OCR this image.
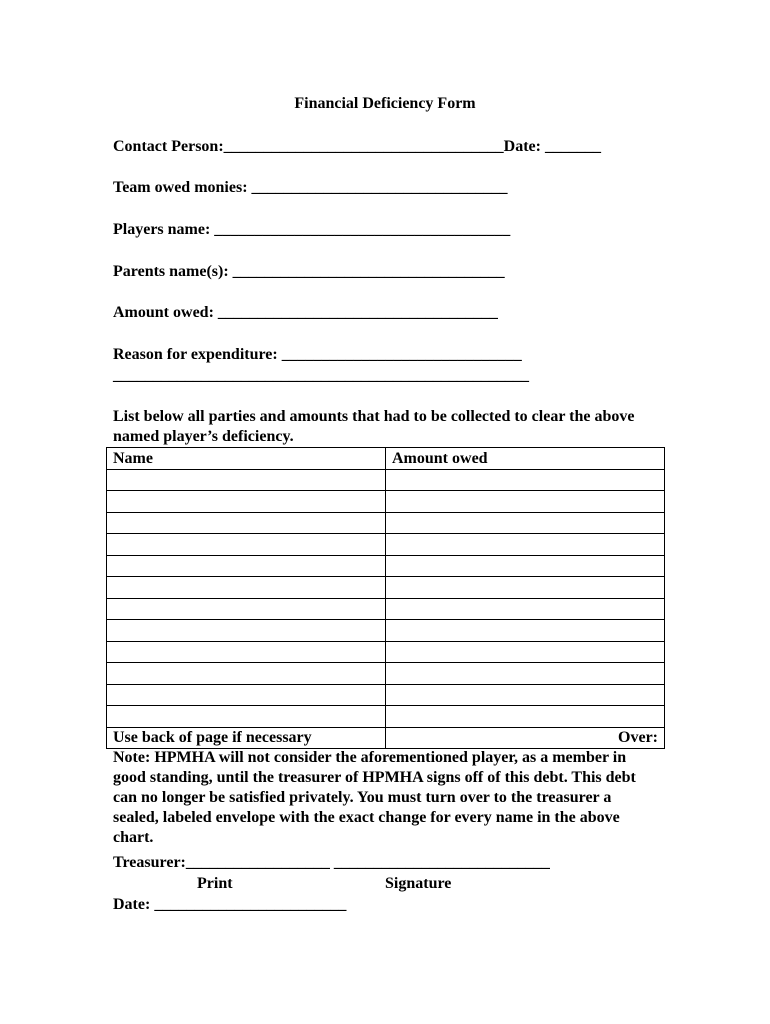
Financial Deficiency Form
Contact Person:___________________________________Date: _______
Team owed monies: ________________________________
Players name: _____________________________________
Parents name(s): __________________________________
Amount owed: ___________________________________
Reason for expenditure: ______________________________
____________________________________________________
List below all parties and amounts that had to be collected to clear the above named player’s deficiency.
Name	Amount owed

Use back of page if necessary	Over:
Note: HPMHA will not consider the aforementioned player, as a member in good standing, until the treasurer of HPMHA signs off of this debt. This debt can no longer be satisfied privately. You must turn over to the treasurer a sealed, labeled envelope with the exact change for every name in the above chart.
Treasurer:__________________ ___________________________
Print	Signature
Date: ________________________
